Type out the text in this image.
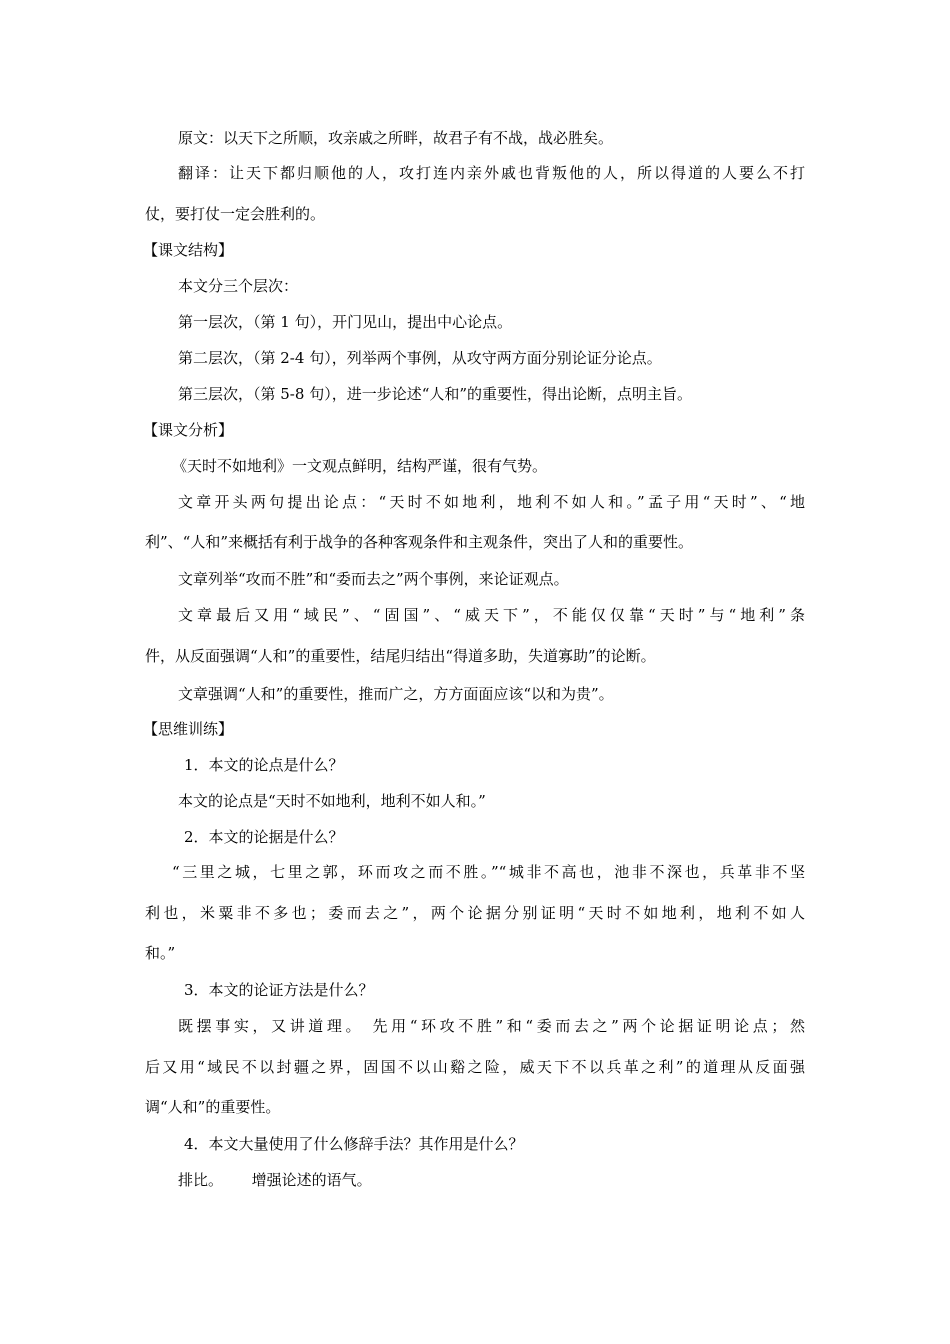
原文：以天下之所顺，攻亲戚之所畔，故君子有不战，战必胜矣。
翻译：让天下都归顺他的人，攻打连内亲外戚也背叛他的人，所以得道的人要么不打
仗，要打仗一定会胜利的。
【课文结构】
本文分三个层次：
第一层次，（第 1 句），开门见山，提出中心论点。
第二层次，（第 2-4 句），列举两个事例，从攻守两方面分别论证分论点。
第三层次，（第 5-8 句），进一步论述“人和”的重要性，得出论断，点明主旨。
【课文分析】
《天时不如地利》一文观点鲜明，结构严谨，很有气势。
文章开头两句提出论点：“天时不如地利，地利不如人和。”孟子用“天时”、“地
利”、“人和”来概括有利于战争的各种客观条件和主观条件，突出了人和的重要性。
文章列举“攻而不胜”和“委而去之”两个事例，来论证观点。
文章最后又用“域民”、“固国”、“威天下”，不能仅仅靠“天时”与“地利”条
件，从反面强调“人和”的重要性，结尾归结出“得道多助，失道寡助”的论断。
文章强调“人和”的重要性，推而广之，方方面面应该“以和为贵”。
【思维训练】
1．本文的论点是什么？
本文的论点是“天时不如地利，地利不如人和。”
2．本文的论据是什么？
“三里之城，七里之郭，环而攻之而不胜。”“城非不高也，池非不深也，兵革非不坚
利也，米粟非不多也；委而去之”，两个论据分别证明“天时不如地利，地利不如人
和。”
3．本文的论证方法是什么？
既摆事实，又讲道理。 先用“环攻不胜”和“委而去之”两个论据证明论点；然
后又用“域民不以封疆之界，固国不以山谿之险，威天下不以兵革之利”的道理从反面强
调“人和”的重要性。
4．本文大量使用了什么修辞手法？其作用是什么？
排比。      增强论述的语气。
